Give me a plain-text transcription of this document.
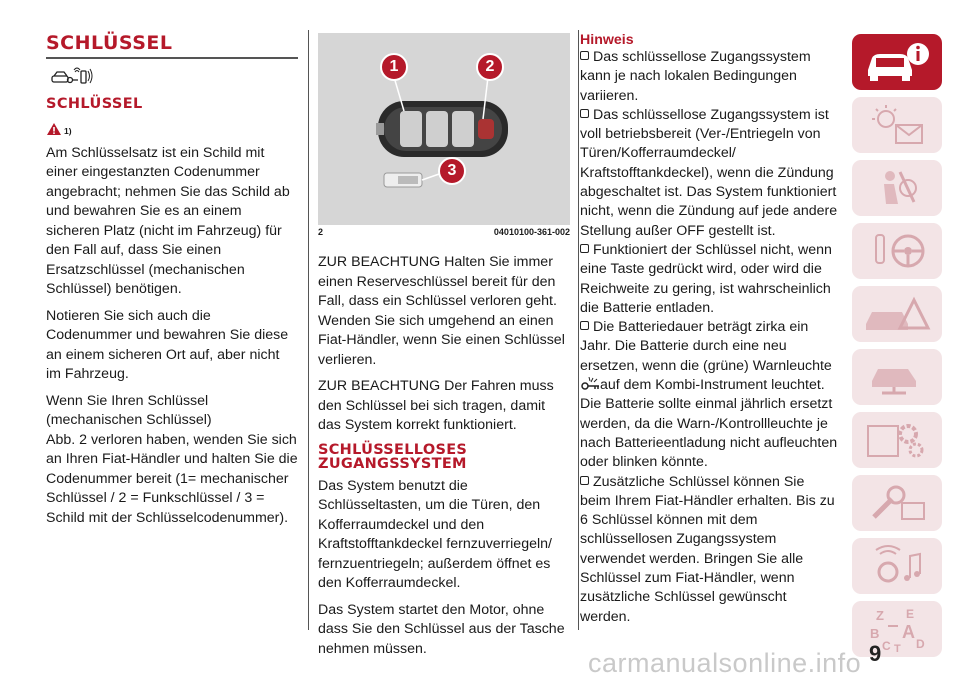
SCHLÜSSEL
SCHLÜSSEL
1)

Am Schlüsselsatz ist ein Schild mit einer eingestanzten Codenummer angebracht; nehmen Sie das Schild ab und bewahren Sie es an einem sicheren Platz (nicht im Fahrzeug) für den Fall auf, dass Sie einen Ersatzschlüssel (mechanischen Schlüssel) benötigen.

Notieren Sie sich auch die Codenummer und bewahren Sie diese an einem sicheren Ort auf, aber nicht im Fahrzeug.

Wenn Sie Ihren Schlüssel (mechanischen Schlüssel)
Abb. 2 verloren haben, wenden Sie sich an Ihren Fiat-Händler und halten Sie die Codenummer bereit (1= mechanischer Schlüssel / 2 = Funkschlüssel / 3 = Schild mit der Schlüsselcodenummer).

1	2
3
2	04010100-361-002

ZUR BEACHTUNG Halten Sie immer einen Reserveschlüssel bereit für den Fall, dass ein Schlüssel verloren geht. Wenden Sie sich umgehend an einen Fiat-Händler, wenn Sie einen Schlüssel verlieren.

ZUR BEACHTUNG Der Fahren muss den Schlüssel bei sich tragen, damit das System korrekt funktioniert.

SCHLÜSSELLOSES
ZUGANGSSYSTEM

Das System benutzt die Schlüsseltasten, um die Türen, den Kofferraumdeckel und den Kraftstofftankdeckel fernzuverriegeln/ fernzuentriegeln; außerdem öffnet es den Kofferraumdeckel.

Das System startet den Motor, ohne dass Sie den Schlüssel aus der Tasche nehmen müssen.

Hinweis

Das schlüssellose Zugangssystem kann je nach lokalen Bedingungen variieren.

Das schlüssellose Zugangssystem ist voll betriebsbereit (Ver-/Entriegeln von Türen/Kofferraumdeckel/ Kraftstofftankdeckel), wenn die Zündung abgeschaltet ist. Das System funktioniert nicht, wenn die Zündung auf jede andere Stellung außer OFF gestellt ist.

Funktioniert der Schlüssel nicht, wenn eine Taste gedrückt wird, oder wird die Reichweite zu gering, ist wahrscheinlich die Batterie entladen.

Die Batteriedauer beträgt zirka ein Jahr. Die Batterie durch eine neu ersetzen, wenn die (grüne) Warnleuchte
auf dem Kombi-Instrument leuchtet. Die Batterie sollte einmal jährlich ersetzt werden, da die Warn-/Kontrollleuchte je nach Batterieentladung nicht aufleuchten oder blinken könnte.

Zusätzliche Schlüssel können Sie beim Ihrem Fiat-Händler erhalten. Bis zu 6 Schlüssel können mit dem schlüssellosen Zugangssystem verwendet werden. Bringen Sie alle Schlüssel zum Fiat-Händler, wenn zusätzliche Schlüssel gewünscht werden.	Z E
B A
C T D
9
carmanualsonline.info
